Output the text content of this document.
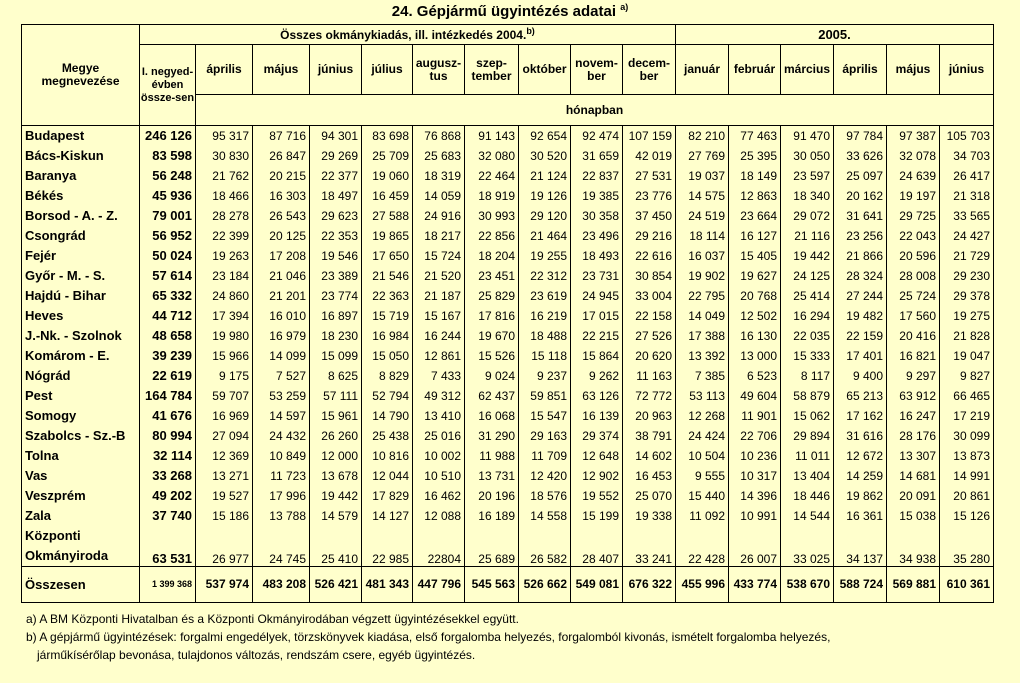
24. Gépjármű ügyintézés adatai $^{a)}$
Megye megnevezése	Összes okmánykiadás, ill. intézkedés 2004.$^{b)}$										2005.					
	I. negyed-évben össze-sen	április	május	június	július	augusz-tus	szep-tember	október	novem-ber	decem-ber	január	február	március	április	május	június
		hónapban														
Budapest	246 126	95 317	87 716	94 301	83 698	76 868	91 143	92 654	92 474	107 159	82 210	77 463	91 470	97 784	97 387	105 703
Bács-Kiskun	83 598	30 830	26 847	29 269	25 709	25 683	32 080	30 520	31 659	42 019	27 769	25 395	30 050	33 626	32 078	34 703
Baranya	56 248	21 762	20 215	22 377	19 060	18 319	22 464	21 124	22 837	27 531	19 037	18 149	23 597	25 097	24 639	26 417
Békés	45 936	18 466	16 303	18 497	16 459	14 059	18 919	19 126	19 385	23 776	14 575	12 863	18 340	20 162	19 197	21 318
Borsod - A. - Z.	79 001	28 278	26 543	29 623	27 588	24 916	30 993	29 120	30 358	37 450	24 519	23 664	29 072	31 641	29 725	33 565
Csongrád	56 952	22 399	20 125	22 353	19 865	18 217	22 856	21 464	23 496	29 216	18 114	16 127	21 116	23 256	22 043	24 427
Fejér	50 024	19 263	17 208	19 546	17 650	15 724	18 204	19 255	18 493	22 616	16 037	15 405	19 442	21 866	20 596	21 729
Győr - M. - S.	57 614	23 184	21 046	23 389	21 546	21 520	23 451	22 312	23 731	30 854	19 902	19 627	24 125	28 324	28 008	29 230
Hajdú - Bihar	65 332	24 860	21 201	23 774	22 363	21 187	25 829	23 619	24 945	33 004	22 795	20 768	25 414	27 244	25 724	29 378
Heves	44 712	17 394	16 010	16 897	15 719	15 167	17 816	16 219	17 015	22 158	14 049	12 502	16 294	19 482	17 560	19 275
J.-Nk. - Szolnok	48 658	19 980	16 979	18 230	16 984	16 244	19 670	18 488	22 215	27 526	17 388	16 130	22 035	22 159	20 416	21 828
Komárom - E.	39 239	15 966	14 099	15 099	15 050	12 861	15 526	15 118	15 864	20 620	13 392	13 000	15 333	17 401	16 821	19 047
Nógrád	22 619	9 175	7 527	8 625	8 829	7 433	9 024	9 237	9 262	11 163	7 385	6 523	8 117	9 400	9 297	9 827
Pest	164 784	59 707	53 259	57 111	52 794	49 312	62 437	59 851	63 126	72 772	53 113	49 604	58 879	65 213	63 912	66 465
Somogy	41 676	16 969	14 597	15 961	14 790	13 410	16 068	15 547	16 139	20 963	12 268	11 901	15 062	17 162	16 247	17 219
Szabolcs - Sz.-B	80 994	27 094	24 432	26 260	25 438	25 016	31 290	29 163	29 374	38 791	24 424	22 706	29 894	31 616	28 176	30 099
Tolna	32 114	12 369	10 849	12 000	10 816	10 002	11 988	11 709	12 648	14 602	10 504	10 236	11 011	12 672	13 307	13 873
Vas	33 268	13 271	11 723	13 678	12 044	10 510	13 731	12 420	12 902	16 453	9 555	10 317	13 404	14 259	14 681	14 991
Veszprém	49 202	19 527	17 996	19 442	17 829	16 462	20 196	18 576	19 552	25 070	15 440	14 396	18 446	19 862	20 091	20 861
Zala	37 740	15 186	13 788	14 579	14 127	12 088	16 189	14 558	15 199	19 338	11 092	10 991	14 544	16 361	15 038	15 126

Központi
Okmányiroda	63 531	26 977	24 745	25 410	22 985	22804	25 689	26 582	28 407	33 241	22 428	26 007	33 025	34 137	34 938	35 280
Összesen	1 399 368	537 974	483 208	526 421	481 343	447 796	545 563	526 662	549 081	676 322	455 996	433 774	538 670	588 724	569 881	610 361
a) A BM Központi Hivatalban és a Központi Okmányirodában végzett ügyintézésekkel együtt.
b) A gépjármű ügyintézések: forgalmi engedélyek, törzskönyvek kiadása, első forgalomba helyezés, forgalomból kivonás, ismételt forgalomba helyezés,
járműkísérőlap bevonása, tulajdonos változás, rendszám csere, egyéb ügyintézés.
